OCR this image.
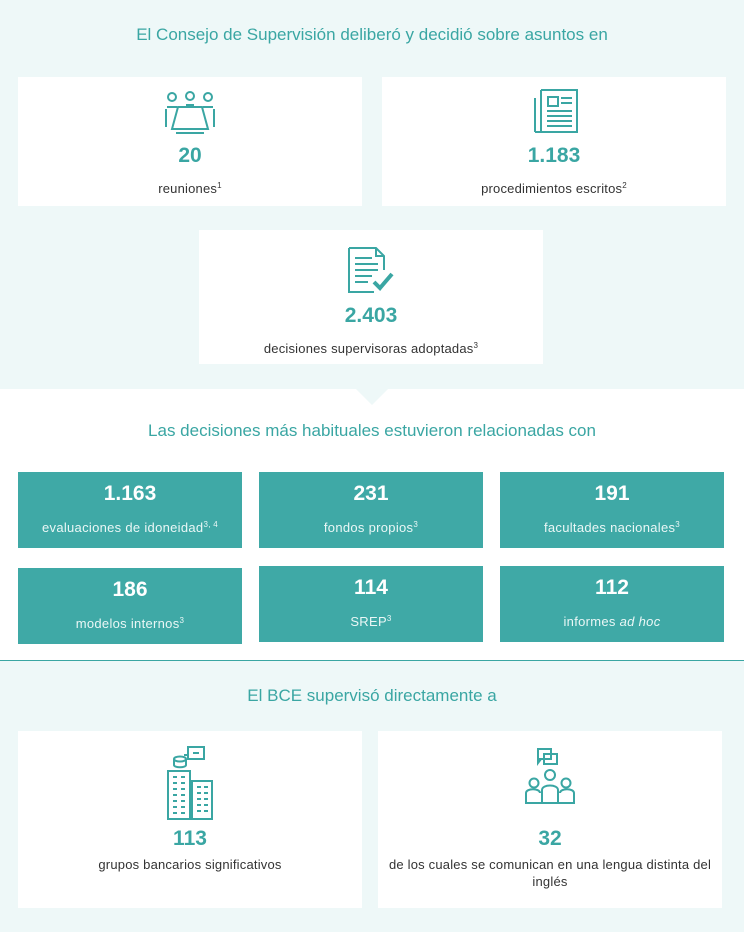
El Consejo de Supervisión deliberó y decidió sobre asuntos en
20
reuniones$^1$
1.183
procedimientos escritos$^2$
2.403
decisiones supervisoras adoptadas$^3$
Las decisiones más habituales estuvieron relacionadas con
1.163
evaluaciones de idoneidad$^{3, 4}$
231
fondos propios$^3$
191
facultades nacionales$^3$
186
modelos internos$^3$
114
SREP$^3$
112
informes ad hoc
El BCE supervisó directamente a
113
grupos bancarios significativos
32
de los cuales se comunican en una lengua distinta del inglés
